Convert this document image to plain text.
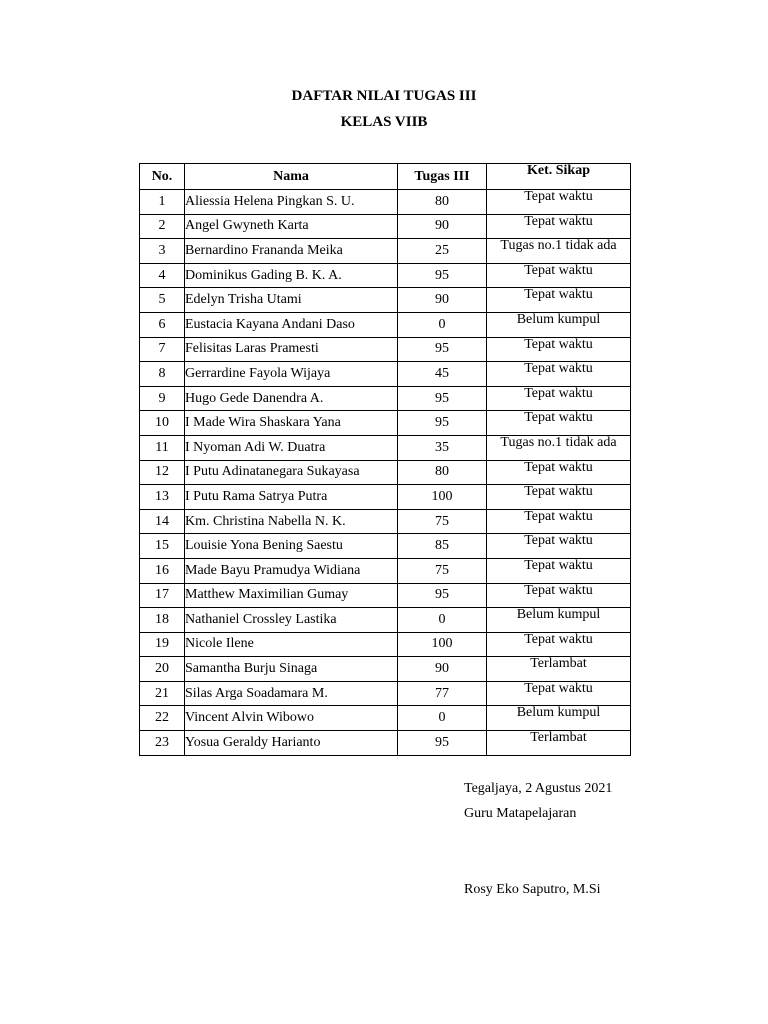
DAFTAR NILAI TUGAS III
KELAS VIIB
No.	Nama	Tugas III	Ket. Sikap
1	Aliessia Helena Pingkan S. U.	80	Tepat waktu
2	Angel Gwyneth Karta	90	Tepat waktu
3	Bernardino Frananda Meika	25	Tugas no.1 tidak ada
4	Dominikus Gading B. K. A.	95	Tepat waktu
5	Edelyn Trisha Utami	90	Tepat waktu
6	Eustacia Kayana Andani Daso	0	Belum kumpul
7	Felisitas Laras Pramesti	95	Tepat waktu
8	Gerrardine Fayola Wijaya	45	Tepat waktu
9	Hugo Gede Danendra A.	95	Tepat waktu
10	I Made Wira Shaskara Yana	95	Tepat waktu
11	I Nyoman Adi W. Duatra	35	Tugas no.1 tidak ada
12	I Putu Adinatanegara Sukayasa	80	Tepat waktu
13	I Putu Rama Satrya Putra	100	Tepat waktu
14	Km. Christina Nabella N. K.	75	Tepat waktu
15	Louisie Yona Bening Saestu	85	Tepat waktu
16	Made Bayu Pramudya Widiana	75	Tepat waktu
17	Matthew Maximilian Gumay	95	Tepat waktu
18	Nathaniel Crossley Lastika	0	Belum kumpul
19	Nicole Ilene	100	Tepat waktu
20	Samantha Burju Sinaga	90	Terlambat
21	Silas Arga Soadamara M.	77	Tepat waktu
22	Vincent Alvin Wibowo	0	Belum kumpul
23	Yosua Geraldy Harianto	95	Terlambat
Tegaljaya, 2 Agustus 2021
Guru Matapelajaran
Rosy Eko Saputro, M.Si
